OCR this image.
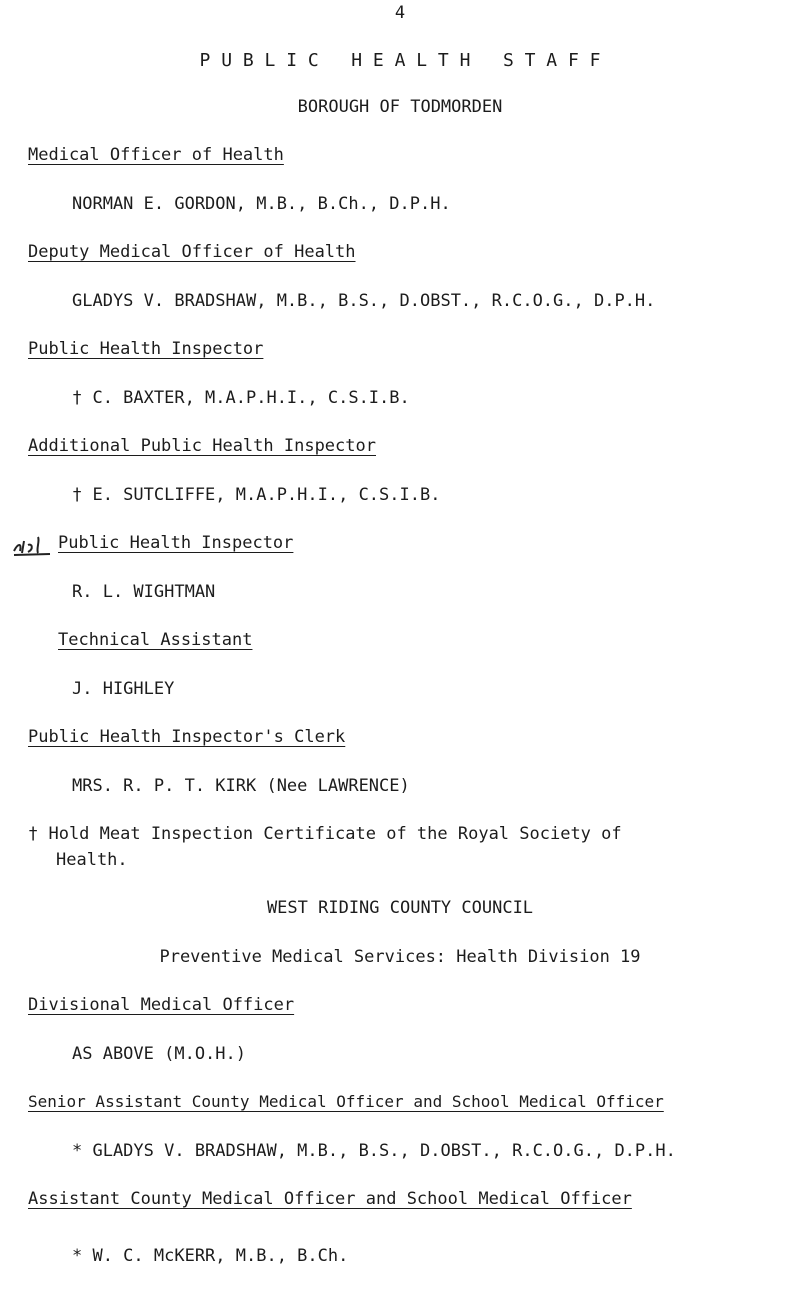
4
P U B L I C   H E A L T H   S T A F F
BOROUGH OF TODMORDEN
Medical Officer of Health
NORMAN E. GORDON, M.B., B.Ch., D.P.H.
Deputy Medical Officer of Health
GLADYS V. BRADSHAW, M.B., B.S., D.OBST., R.C.O.G., D.P.H.
Public Health Inspector
† C. BAXTER, M.A.P.H.I., C.S.I.B.
Additional Public Health Inspector
† E. SUTCLIFFE, M.A.P.H.I., C.S.I.B.
Public Health Inspector
R. L. WIGHTMAN
Technical Assistant
J. HIGHLEY
Public Health Inspector's Clerk
MRS. R. P. T. KIRK (Nee LAWRENCE)
† Hold Meat Inspection Certificate of the Royal Society of
Health.
WEST RIDING COUNTY COUNCIL
Preventive Medical Services: Health Division 19
Divisional Medical Officer
AS ABOVE (M.O.H.)
Senior Assistant County Medical Officer and School Medical Officer
* GLADYS V. BRADSHAW, M.B., B.S., D.OBST., R.C.O.G., D.P.H.
Assistant County Medical Officer and School Medical Officer
* W. C. McKERR, M.B., B.Ch.
